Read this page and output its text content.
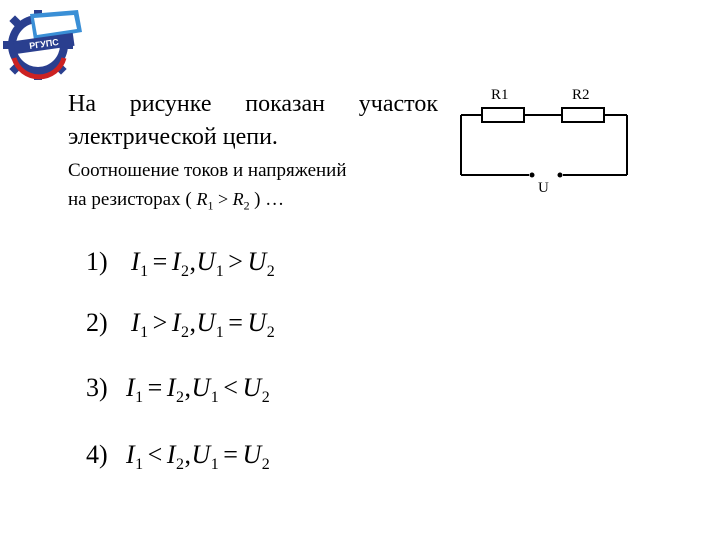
РГУПС
На рисунке показан участок
электрической цепи.
Соотношение токов и напряжений
на резисторах ( $R_1 > R_2$ ) …
R1	R2
U
1) $I_1 = I_2,U_1 > U_2$
2) $I_1 > I_2,U_1 = U_2$
3) $I_1 = I_2,U_1 < U_2$
4) $I_1 < I_2,U_1 = U_2$
